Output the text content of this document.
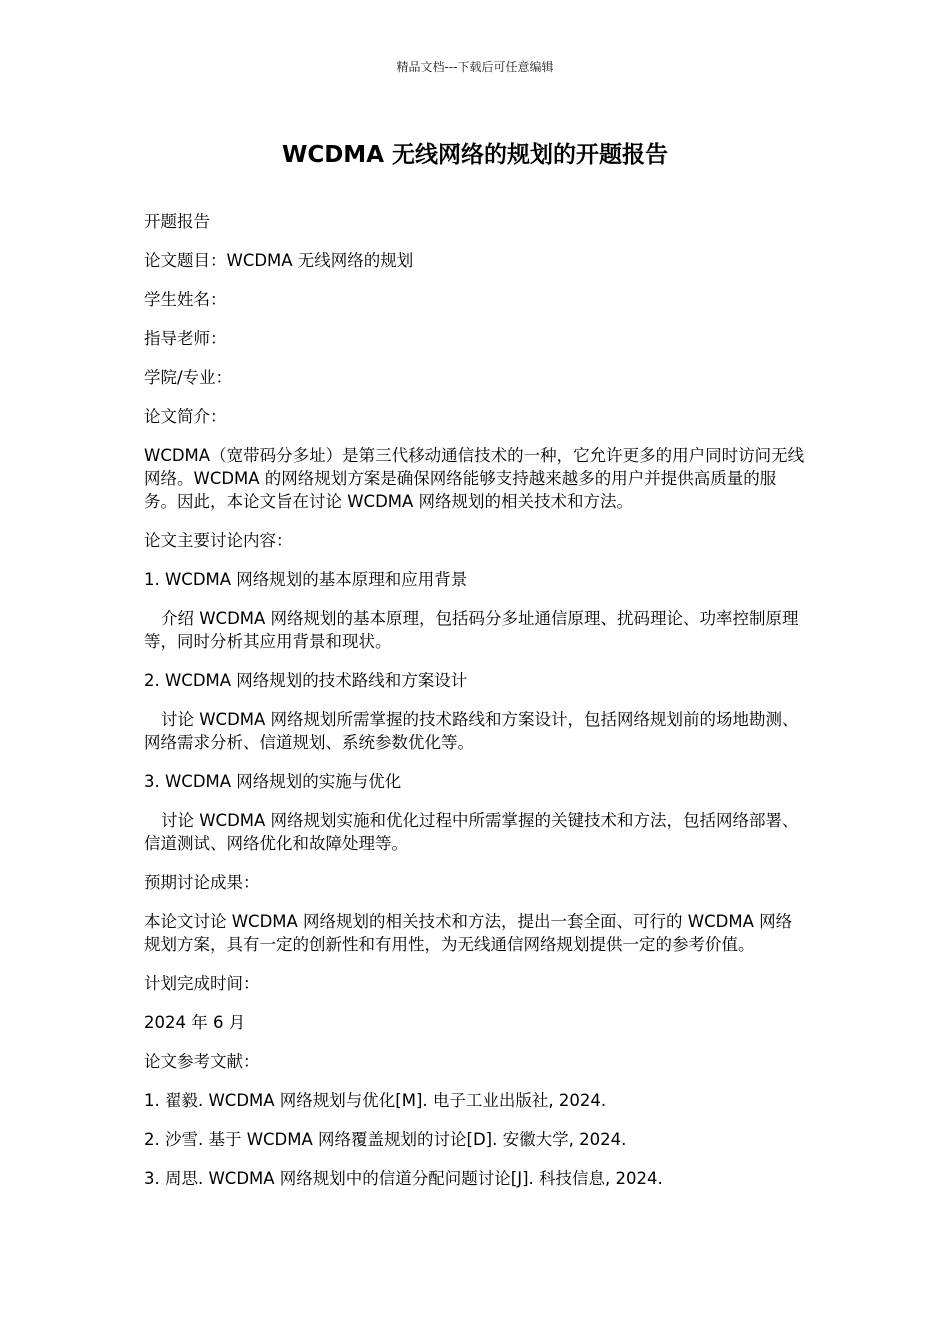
精品文档---下载后可任意编辑
WCDMA 无线网络的规划的开题报告

开题报告

论文题目：WCDMA 无线网络的规划

学生姓名：

指导老师：

学院/专业：

论文简介：

WCDMA（宽带码分多址）是第三代移动通信技术的一种，它允许更多的用户同时访问无线网络。WCDMA 的网络规划方案是确保网络能够支持越来越多的用户并提供高质量的服务。因此，本论文旨在讨论 WCDMA 网络规划的相关技术和方法。

论文主要讨论内容：

1. WCDMA 网络规划的基本原理和应用背景

介绍 WCDMA 网络规划的基本原理，包括码分多址通信原理、扰码理论、功率控制原理等，同时分析其应用背景和现状。

2. WCDMA 网络规划的技术路线和方案设计

讨论 WCDMA 网络规划所需掌握的技术路线和方案设计，包括网络规划前的场地勘测、网络需求分析、信道规划、系统参数优化等。

3. WCDMA 网络规划的实施与优化

讨论 WCDMA 网络规划实施和优化过程中所需掌握的关键技术和方法，包括网络部署、信道测试、网络优化和故障处理等。

预期讨论成果：

本论文讨论 WCDMA 网络规划的相关技术和方法，提出一套全面、可行的 WCDMA 网络规划方案，具有一定的创新性和有用性，为无线通信网络规划提供一定的参考价值。

计划完成时间：

2024 年 6 月

论文参考文献：

1. 翟毅. WCDMA 网络规划与优化[M]. 电子工业出版社, 2024.

2. 沙雪. 基于 WCDMA 网络覆盖规划的讨论[D]. 安徽大学, 2024.

3. 周思. WCDMA 网络规划中的信道分配问题讨论[J]. 科技信息, 2024.
